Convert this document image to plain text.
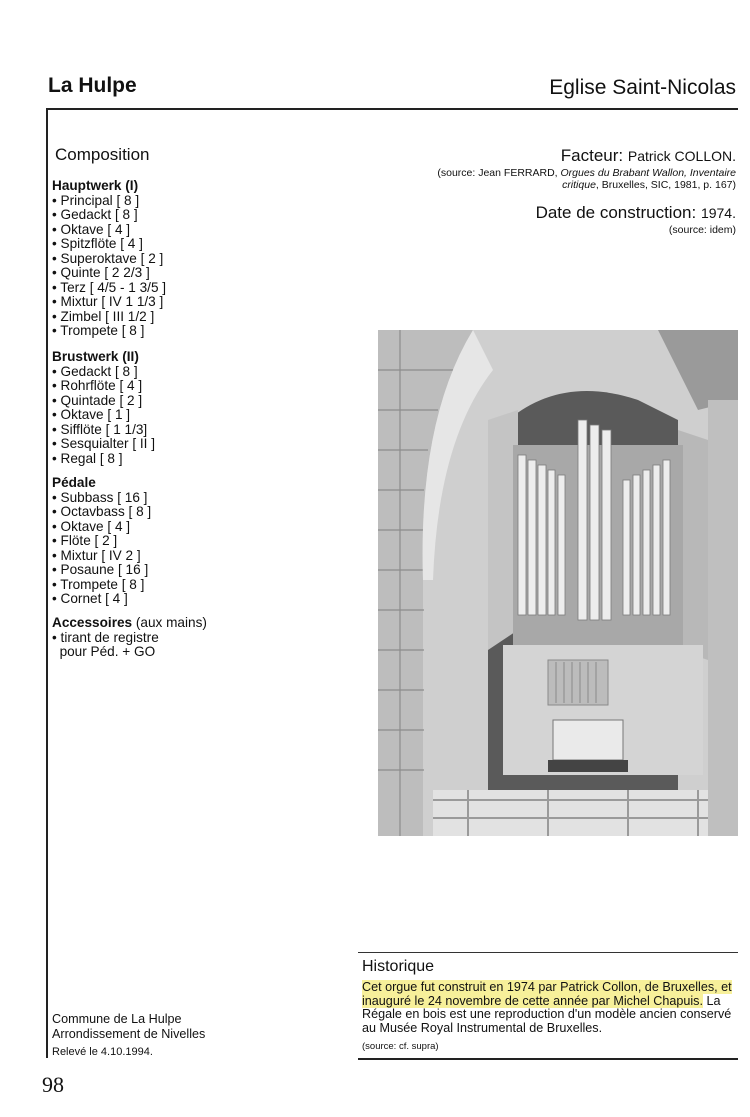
La Hulpe	Eglise Saint-Nicolas
Composition
Hauptwerk (I)
• Principal [ 8 ]
• Gedackt [ 8 ]
• Oktave [ 4 ]
• Spitzflöte [ 4 ]
• Superoktave [ 2 ]
• Quinte [ 2 2/3 ]
• Terz [ 4/5 - 1 3/5 ]
• Mixtur [ IV 1 1/3 ]
• Zimbel [ III 1/2 ]
• Trompete [ 8 ]
Brustwerk (II)
• Gedackt [ 8 ]
• Rohrflöte [ 4 ]
• Quintade [ 2 ]
• Oktave [ 1 ]
• Sifflöte [ 1 1/3]
• Sesquialter [ II ]
• Regal [ 8 ]
Pédale
• Subbass [ 16 ]
• Octavbass [ 8 ]
• Oktave [ 4 ]
• Flöte [ 2 ]
• Mixtur [ IV 2 ]
• Posaune [ 16 ]
• Trompete [ 8 ]
• Cornet [ 4 ]
Accessoires (aux mains)
• tirant de registre
pour Péd. + GO
Facteur: Patrick COLLON.
(source: Jean FERRARD, Orgues du Brabant Wallon, Inventaire critique, Bruxelles, SIC, 1981, p. 167)
Date de construction: 1974.
(source: idem)
Historique
Cet orgue fut construit en 1974 par Patrick Collon, de Bruxelles, et inauguré le 24 novembre de cette année par Michel Chapuis. La Régale en bois est une reproduction d'un modèle ancien conservé au Musée Royal Instrumental de Bruxelles.
(source: cf. supra)
Commune de La Hulpe
Arrondissement de Nivelles
Relevé le 4.10.1994.
98
